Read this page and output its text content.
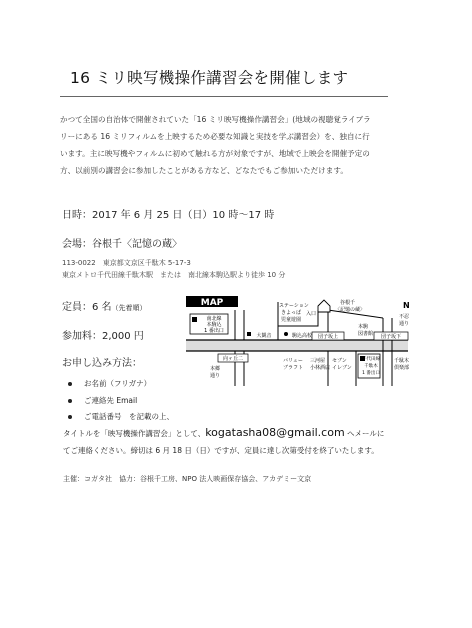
16 ミリ映写機操作講習会を開催します
かつて全国の自治体で開催されていた「16 ミリ映写機操作講習会」(地域の視聴覚ライブラ
リーにある 16 ミリフィルムを上映するため必要な知識と実技を学ぶ講習会）を、独自に行
います。主に映写機やフィルムに初めて触れる方が対象ですが、地域で上映会を開催予定の
方、以前別の講習会に参加したことがある方など、どなたでもご参加いただけます。
日時：2017 年 6 月 25 日（日）10 時〜17 時
会場：谷根千〈記憶の蔵〉
113-0022　東京都文京区千駄木 5-17-3
東京メトロ千代田線千駄木駅　または　南北線本駒込駅より徒歩 10 分
定員：6 名（先着順）
参加料：2,000 円
お申し込み方法：
お名前（フリガナ）
ご連絡先 Email
ご電話番号　を記載の上、
タイトルを「映写機操作講習会」として、kogatasha08@gmail.com へメールに
てご連絡ください。締切は 6 月 18 日（日）ですが、定員に達し次第受付を終了いたします。
主催：コガタ社　協力：谷根千工房、NPO 法人映画保存協会、アカデミー文京
MAP
南北線
本駒込
1 番出口
大観音	駒込高校
ステーション
きよっぱ
児童遊園
入口
谷根千
〈記憶の蔵〉
団子坂上
本駒
図書館
不忍
通り
N
団子坂下
向ヶ丘二
本郷
通り
バリュー
ブラフト
三河屋
小林酒店
セブン
イレブン
千代田線
千駄木
1 番出口
千駄木
倶楽部
